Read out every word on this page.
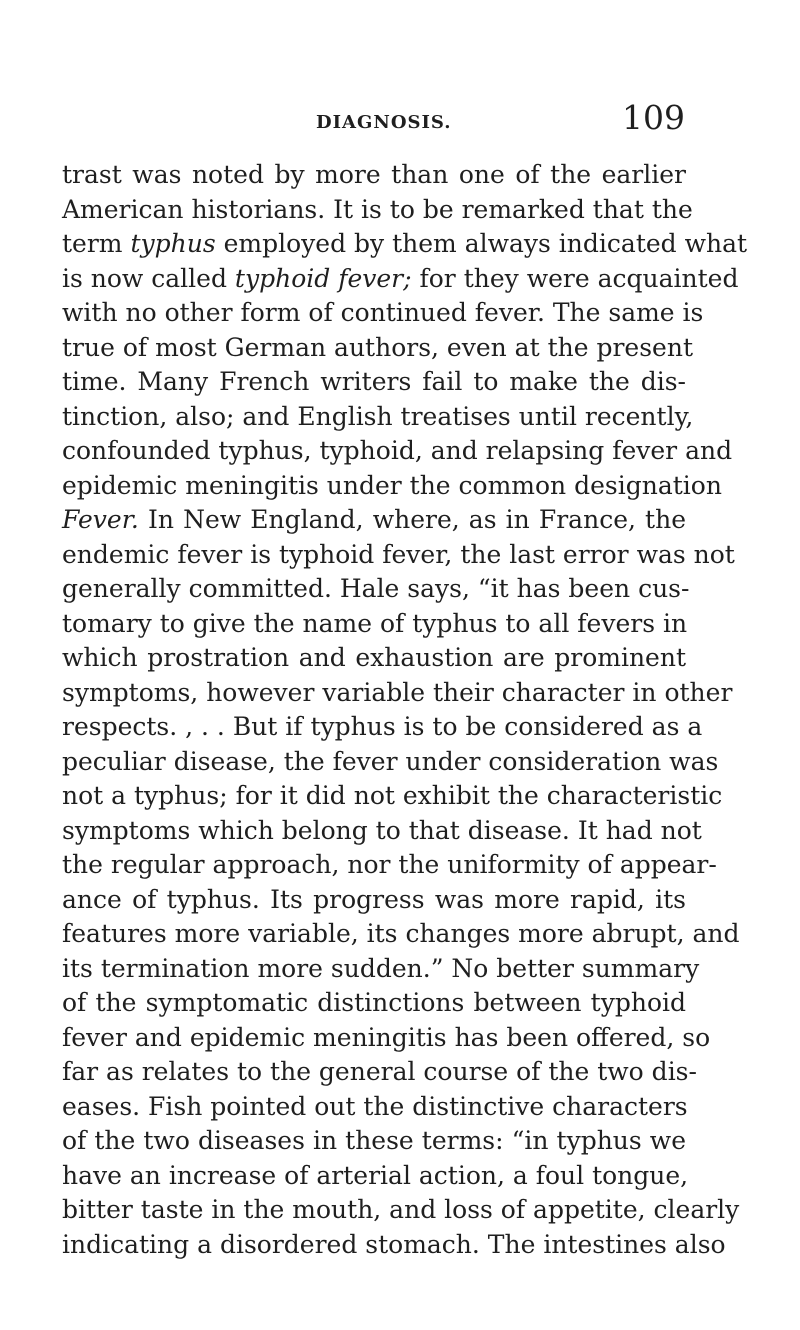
DIAGNOSIS.	109
trast was noted by more than one of the earlier
American historians. It is to be remarked that the
term typhus employed by them always indicated what
is now called typhoid fever; for they were acquainted
with no other form of continued fever. The same is
true of most German authors, even at the present
time. Many French writers fail to make the dis-
tinction, also; and English treatises until recently,
confounded typhus, typhoid, and relapsing fever and
epidemic meningitis under the common designation
Fever. In New England, where, as in France, the
endemic fever is typhoid fever, the last error was not
generally committed. Hale says, “it has been cus-
tomary to give the name of typhus to all fevers in
which prostration and exhaustion are prominent
symptoms, however variable their character in other
respects. , . . But if typhus is to be considered as a
peculiar disease, the fever under consideration was
not a typhus; for it did not exhibit the characteristic
symptoms which belong to that disease. It had not
the regular approach, nor the uniformity of appear-
ance of typhus. Its progress was more rapid, its
features more variable, its changes more abrupt, and
its termination more sudden.” No better summary
of the symptomatic distinctions between typhoid
fever and epidemic meningitis has been offered, so
far as relates to the general course of the two dis-
eases. Fish pointed out the distinctive characters
of the two diseases in these terms: “in typhus we
have an increase of arterial action, a foul tongue,
bitter taste in the mouth, and loss of appetite, clearly
indicating a disordered stomach. The intestines also
